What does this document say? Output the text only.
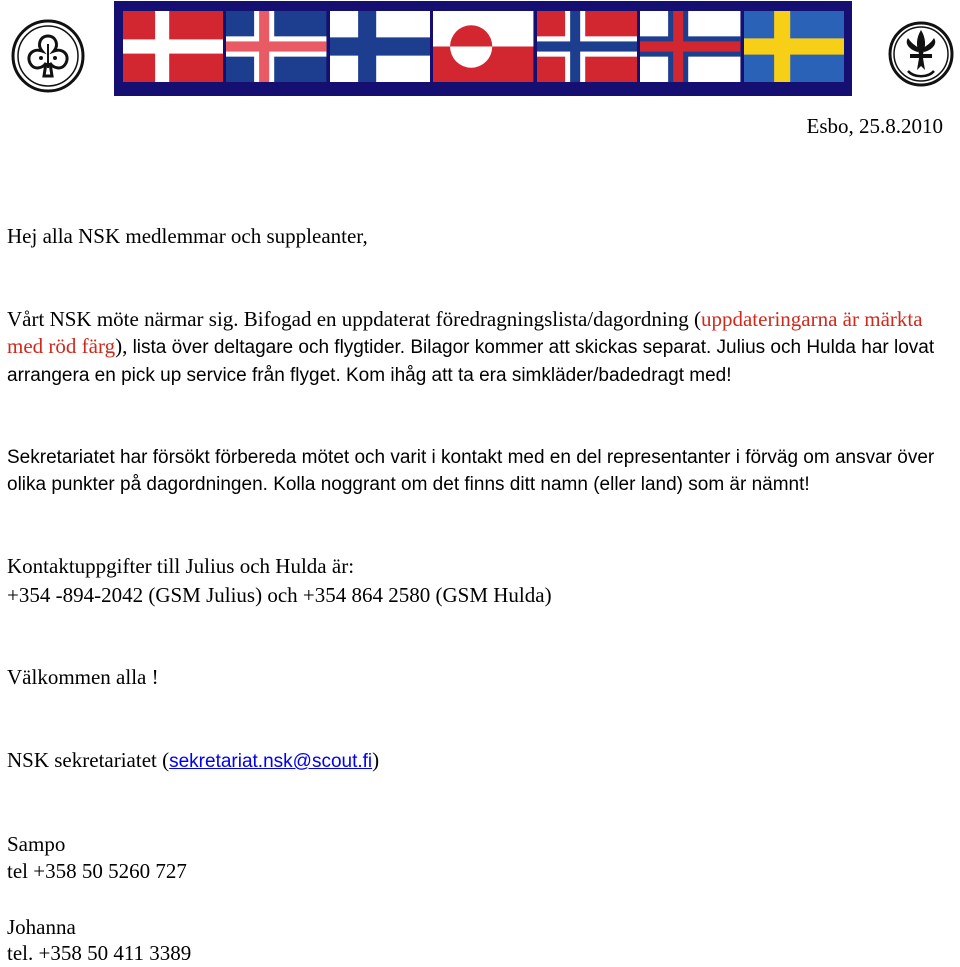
Esbo, 25.8.2010
Hej alla NSK medlemmar och suppleanter,
Vårt NSK möte närmar sig. Bifogad en uppdaterat föredragningslista/dagordning (uppdateringarna är märkta med röd färg), lista över deltagare och flygtider. Bilagor kommer att skickas separat. Julius och Hulda har lovat arrangera en pick up service från flyget. Kom ihåg att ta era simkläder/badedragt med!
Sekretariatet har försökt förbereda mötet och varit i kontakt med en del representanter i förväg om ansvar över olika punkter på dagordningen. Kolla noggrant om det finns ditt namn (eller land) som är nämnt!
Kontaktuppgifter till Julius och Hulda är:
+354 -894-2042 (GSM Julius) och +354 864 2580 (GSM Hulda)
Välkommen alla !
NSK sekretariatet (sekretariat.nsk@scout.fi)
Sampo
tel +358 50 5260 727
Johanna
tel. +358 50 411 3389
